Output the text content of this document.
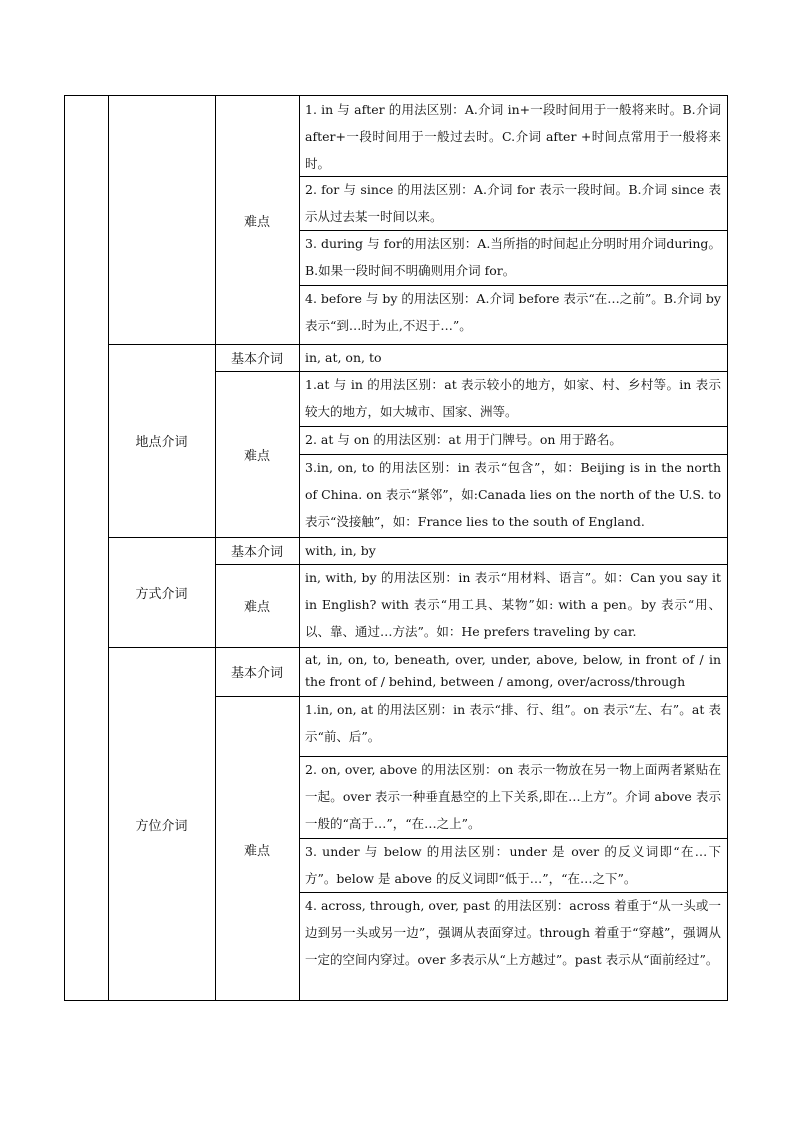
难点
地点介词
基本介词
难点
方式介词
基本介词
难点
方位介词
基本介词
难点
1. in 与 after 的用法区别：A.介词 in+一段时间用于一般将来时。B.介词 after+一段时间用于一般过去时。C.介词 after +时间点常用于一般将来时。
2. for 与 since 的用法区别：A.介词 for 表示一段时间。B.介词 since 表示从过去某一时间以来。
3. during 与 for的用法区别：A.当所指的时间起止分明时用介词during。B.如果一段时间不明确则用介词 for。
4. before 与 by 的用法区别：A.介词 before 表示“在…之前”。B.介词 by 表示“到…时为止,不迟于…”。
in, at, on, to
1.at 与 in 的用法区别：at 表示较小的地方，如家、村、乡村等。in 表示较大的地方，如大城市、国家、洲等。
2. at 与 on 的用法区别：at 用于门牌号。on 用于路名。
3.in, on, to 的用法区别：in 表示“包含”，如：Beijing is in the north of China. on 表示“紧邻”，如:Canada lies on the north of the U.S. to 表示“没接触”，如：France lies to the south of England.
with, in, by
in, with, by 的用法区别：in 表示“用材料、语言”。如：Can you say it in English? with 表示“用工具、某物”如: with a pen。by 表示“用、以、靠、通过…方法”。如：He prefers traveling by car.
at, in, on, to, beneath, over, under, above, below, in front of / in the front of / behind, between / among, over/across/through
1.in, on, at 的用法区别：in 表示“排、行、组”。on 表示“左、右”。at 表示“前、后”。
2. on, over, above 的用法区别：on 表示一物放在另一物上面两者紧贴在一起。over 表示一种垂直悬空的上下关系,即在…上方”。介词 above 表示一般的“高于…”，“在…之上”。
3. under 与 below 的用法区别：under 是 over 的反义词即“在…下方”。below 是 above 的反义词即“低于…”，“在…之下”。
4. across, through, over, past 的用法区别：across 着重于“从一头或一边到另一头或另一边”，强调从表面穿过。through 着重于“穿越”，强调从一定的空间内穿过。over 多表示从“上方越过”。past 表示从“面前经过”。
